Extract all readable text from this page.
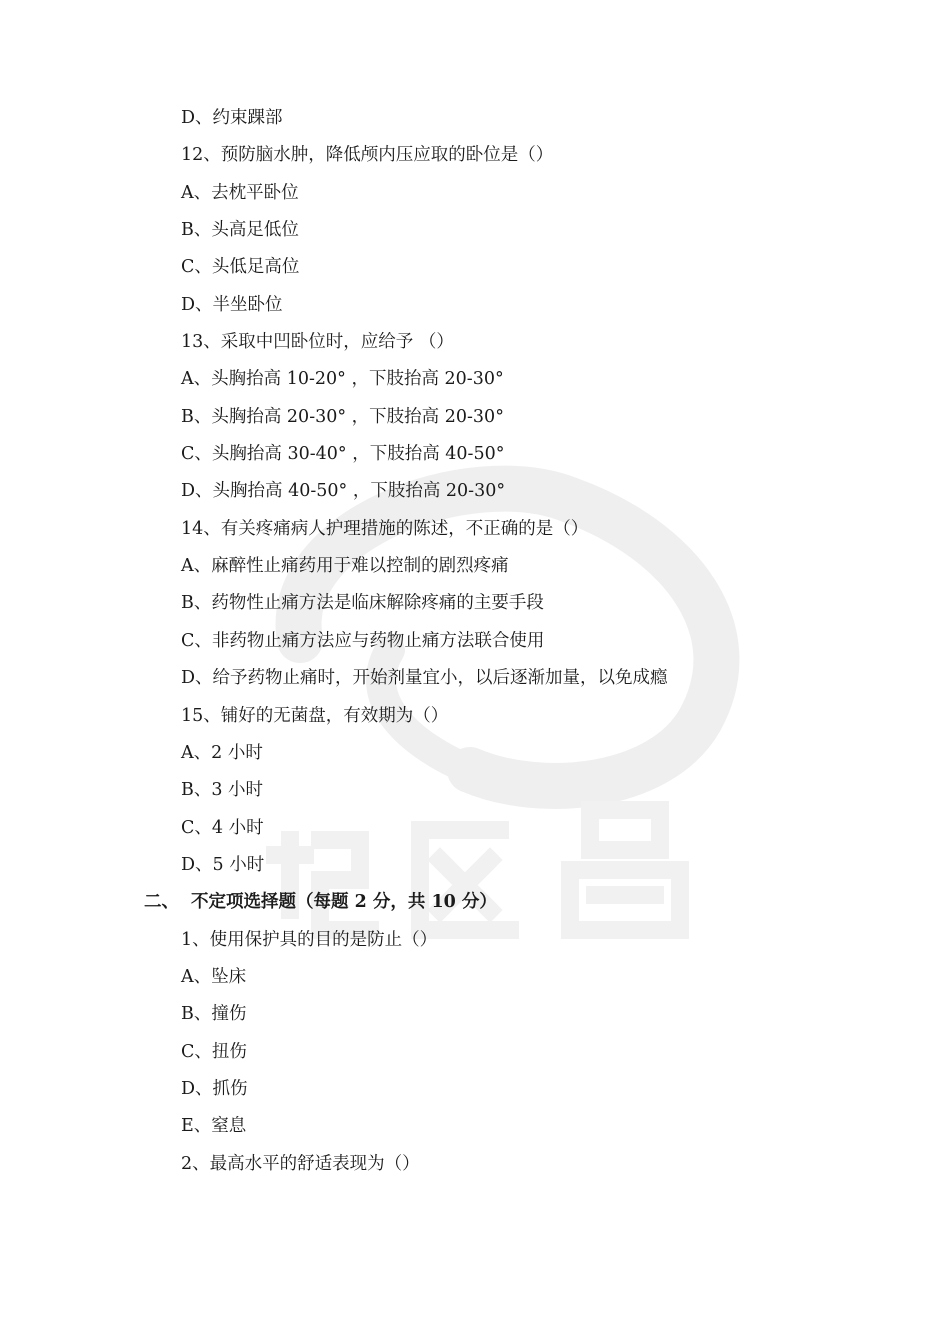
D、约束踝部
12、预防脑水肿，降低颅内压应取的卧位是（）
A、去枕平卧位
B、头高足低位
C、头低足高位
D、半坐卧位
13、采取中凹卧位时，应给予 （）
A、头胸抬高 10-20° ，下肢抬高 20-30°
B、头胸抬高 20-30° ，下肢抬高 20-30°
C、头胸抬高 30-40° ，下肢抬高 40-50°
D、头胸抬高 40-50° ，下肢抬高 20-30°
14、有关疼痛病人护理措施的陈述，不正确的是（）
A、麻醉性止痛药用于难以控制的剧烈疼痛
B、药物性止痛方法是临床解除疼痛的主要手段
C、非药物止痛方法应与药物止痛方法联合使用
D、给予药物止痛时，开始剂量宜小，以后逐渐加量，以免成瘾
15、铺好的无菌盘，有效期为（）
A、2 小时
B、3 小时
C、4 小时
D、5 小时
二、 不定项选择题（每题 2 分，共 10 分）
1、使用保护具的目的是防止（）
A、坠床
B、撞伤
C、扭伤
D、抓伤
E、窒息
2、最高水平的舒适表现为（）
